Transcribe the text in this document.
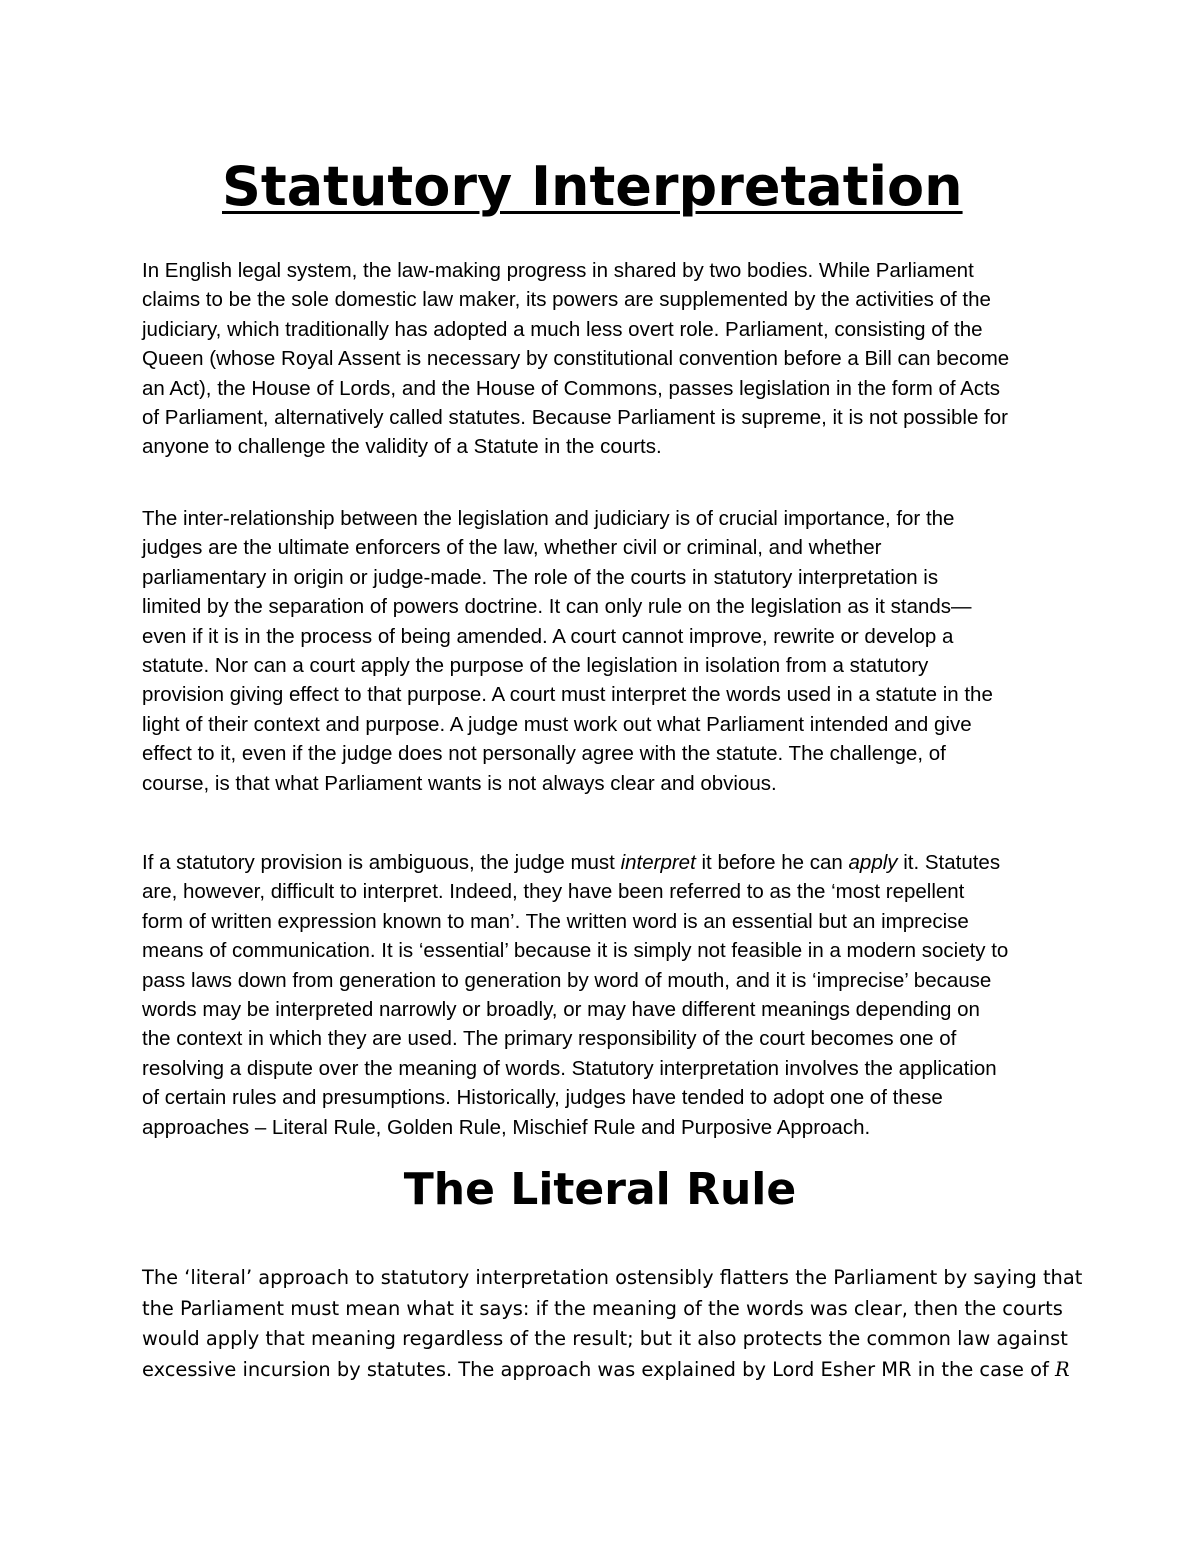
Statutory Interpretation

In English legal system, the law-making progress in shared by two bodies. While Parliament
claims to be the sole domestic law maker, its powers are supplemented by the activities of the
judiciary, which traditionally has adopted a much less overt role. Parliament, consisting of the
Queen (whose Royal Assent is necessary by constitutional convention before a Bill can become
an Act), the House of Lords, and the House of Commons, passes legislation in the form of Acts
of Parliament, alternatively called statutes. Because Parliament is supreme, it is not possible for
anyone to challenge the validity of a Statute in the courts.

The inter-relationship between the legislation and judiciary is of crucial importance, for the
judges are the ultimate enforcers of the law, whether civil or criminal, and whether
parliamentary in origin or judge-made. The role of the courts in statutory interpretation is
limited by the separation of powers doctrine. It can only rule on the legislation as it stands—
even if it is in the process of being amended. A court cannot improve, rewrite or develop a
statute. Nor can a court apply the purpose of the legislation in isolation from a statutory
provision giving effect to that purpose. A court must interpret the words used in a statute in the
light of their context and purpose. A judge must work out what Parliament intended and give
effect to it, even if the judge does not personally agree with the statute. The challenge, of
course, is that what Parliament wants is not always clear and obvious.

If a statutory provision is ambiguous, the judge must interpret it before he can apply it. Statutes
are, however, difficult to interpret. Indeed, they have been referred to as the ‘most repellent
form of written expression known to man’. The written word is an essential but an imprecise
means of communication. It is ‘essential’ because it is simply not feasible in a modern society to
pass laws down from generation to generation by word of mouth, and it is ‘imprecise’ because
words may be interpreted narrowly or broadly, or may have different meanings depending on
the context in which they are used. The primary responsibility of the court becomes one of
resolving a dispute over the meaning of words. Statutory interpretation involves the application
of certain rules and presumptions. Historically, judges have tended to adopt one of these
approaches – Literal Rule, Golden Rule, Mischief Rule and Purposive Approach.

The Literal Rule

The ‘literal’ approach to statutory interpretation ostensibly flatters the Parliament by saying that
the Parliament must mean what it says: if the meaning of the words was clear, then the courts
would apply that meaning regardless of the result; but it also protects the common law against
excessive incursion by statutes. The approach was explained by Lord Esher MR in the case of R
